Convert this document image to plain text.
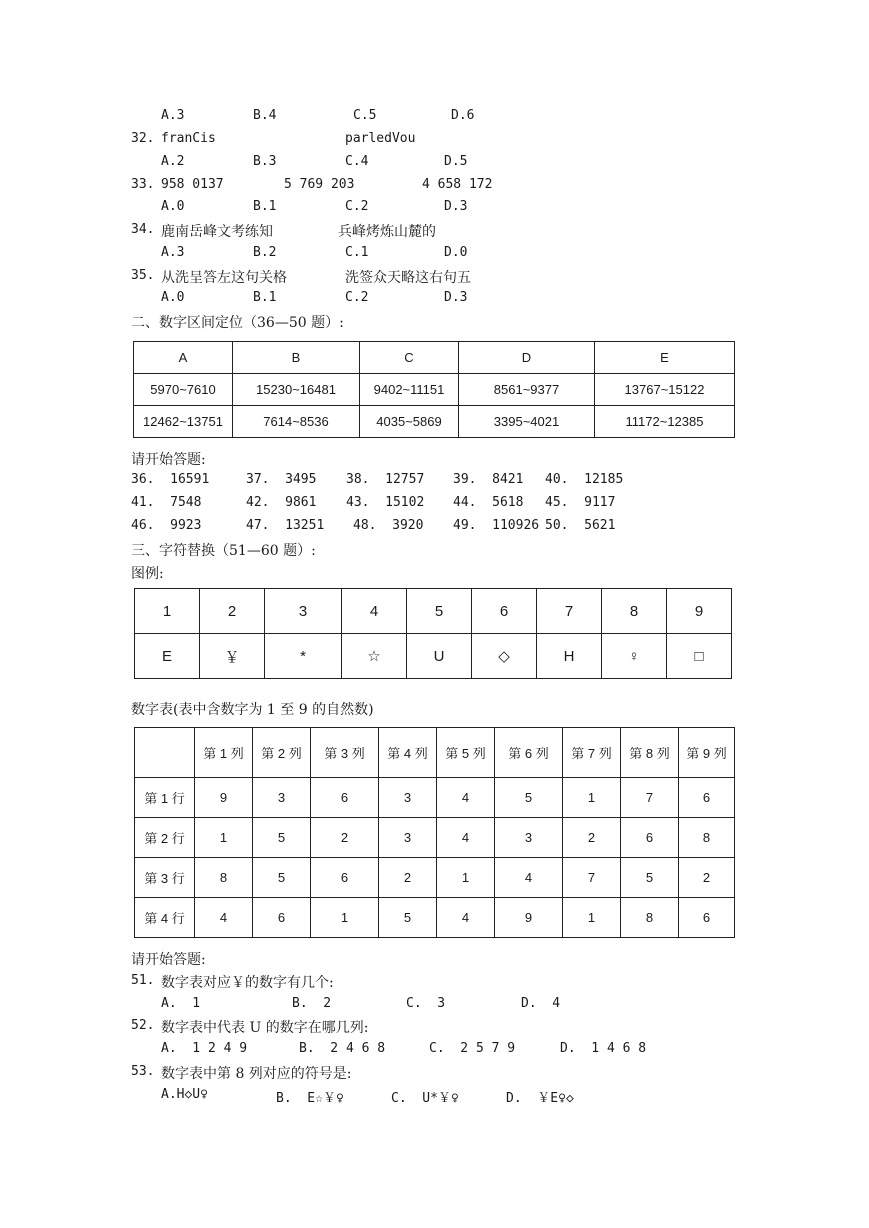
A.3	B.4	C.5	D.6
32. franCis	parledVou
A.2	B.3	C.4	D.5
33. 958 0137	5 769 203	4 658 172
A.0	B.1	C.2	D.3
34. 鹿南岳峰文考练知	兵峰烤炼山麓的
A.3	B.2	C.1	D.0
35. 从洗呈答左这句关格	洗签众天略这右句五
A.0	B.1	C.2	D.3
二、数字区间定位（36—50 题）:
A	B	C	D	E
5970~7610	15230~16481	9402~11151	8561~9377	13767~15122
12462~13751	7614~8536	4035~5869	3395~4021	11172~12385
请开始答题:
36.  16591	37.  3495 38.  12757 39.  8421 40.  12185
41.  7548	42.  9861 43.  15102 44.  5618 45.  9117
46.  9923	47.  13251 48.  3920 49.  110926 50.  5621
三、字符替换（51—60 题）:
图例:
1	2	3	4	5	6	7	8	9
E	￥	*	☆	U	◇	H	♀	□
数字表(表中含数字为 1 至 9 的自然数)
	第 1 列	第 2 列	第 3 列	第 4 列	第 5 列	第 6 列	第 7 列	第 8 列	第 9 列
第 1 行	9	3	6	3	4	5	1	7	6
第 2 行	1	5	2	3	4	3	2	6	8
第 3 行	8	5	6	2	1	4	7	5	2
第 4 行	4	6	1	5	4	9	1	8	6
请开始答题:
51. 数字表对应￥的数字有几个:
A.  1	B.  2	C.  3	D.  4
52. 数字表中代表 U 的数字在哪几列:
A.  1 2 4 9	B.  2 4 6 8	C.  2 5 7 9	D.  1 4 6 8
53. 数字表中第 8 列对应的符号是:
A.H◇U♀	B.  E☆￥♀	C.  U*￥♀	D.  ￥E♀◇
